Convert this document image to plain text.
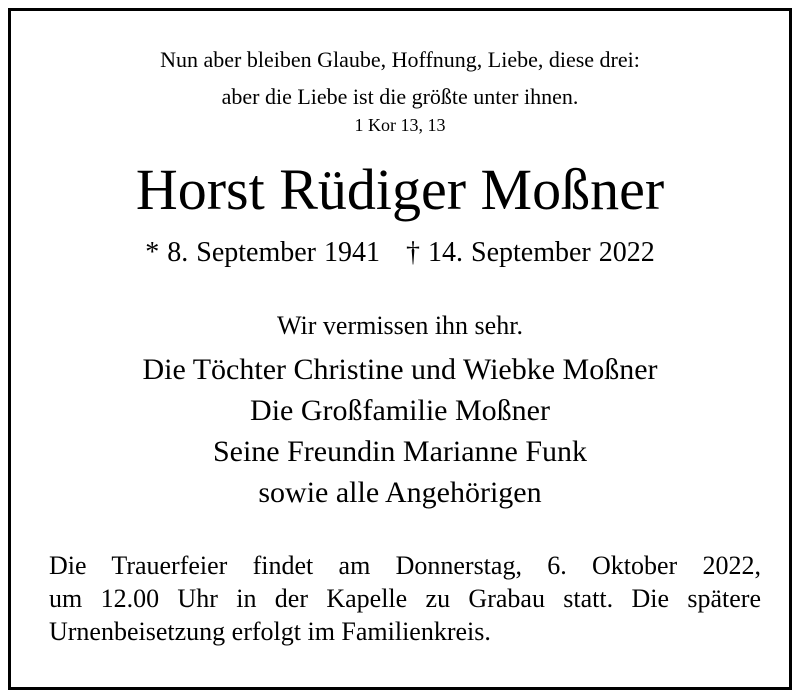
Nun aber bleiben Glaube, Hoffnung, Liebe, diese drei:
aber die Liebe ist die größte unter ihnen.
1 Kor 13, 13
Horst Rüdiger Moßner
* 8. September 1941 † 14. September 2022
Wir vermissen ihn sehr.
Die Töchter Christine und Wiebke Moßner
Die Großfamilie Moßner
Seine Freundin Marianne Funk
sowie alle Angehörigen
Die Trauerfeier findet am Donnerstag, 6. Oktober 2022,
um 12.00 Uhr in der Kapelle zu Grabau statt. Die spätere
Urnenbeisetzung erfolgt im Familienkreis.
